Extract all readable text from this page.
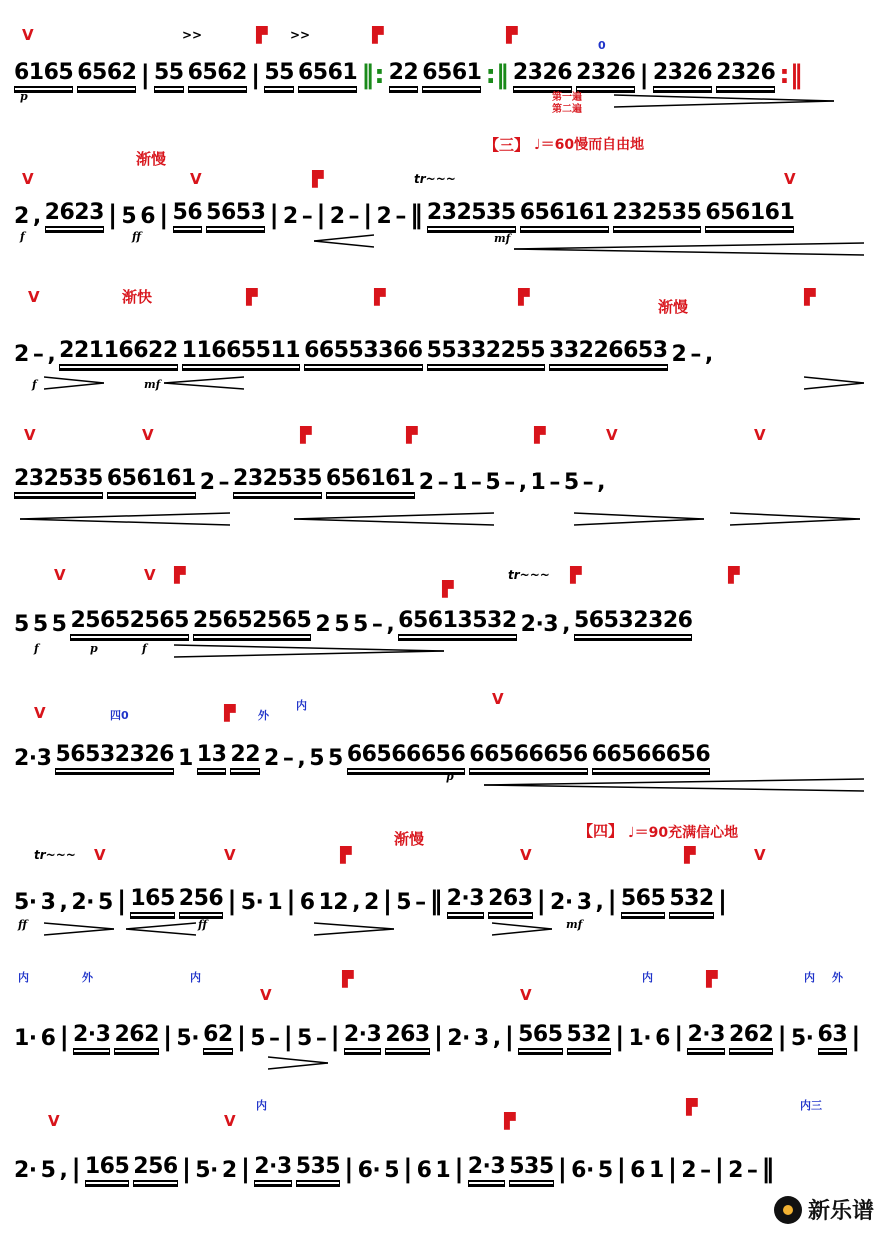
V	>>	▛ >>	▛	▛
0
6165 6562 | 55 6562 | 55 6561 ‖: 22 6561 :‖ 2326 2326 | 2326 2326 :‖
p	第一遍
第二遍
【三】 ♩＝60慢而自由地
渐慢
V	V	▛	V
tr~~~
2 , 2623 | 5 6 | 56 5653 | 2 – | 2 – | 2 – ‖ 232535 656161 232535 656161
f	ff	mf
渐快
渐慢
V	▛	▛	▛	▛
2 – , 22116622 11665511 66553366 55332255 33226653 2 – ,
f	mf
V	V	▛	▛	▛	V	V
232535 656161 2 – 232535 656161 2 – 1 – 5 – , 1 – 5 – ,
V	V ▛
▛
▛	▛
tr~~~
5 5 5 25652565 25652565 2 5 5 – , 65613532 2·3 , 56532326
f	p	f
V	▛
V
四0	外
内
2·3 56532326 1 13 22 2 – , 5 5 66566656 66566656 66566656
p
【四】 ♩＝90充满信心地
渐慢
tr~~~ V	V	▛	V	▛	V
5· 3 , 2· 5 | 165 256 | 5· 1 | 6 12 , 2 | 5 – ‖ 2·3 263 | 2· 3 , | 565 532 |
ff	ff	mf
内	外	内
V
▛
V
内	▛	内 外
1· 6 | 2·3 262 | 5· 62 | 5 – | 5 – | 2·3 263 | 2· 3 , | 565 532 | 1· 6 | 2·3 262 | 5· 63 |
V	V
内
▛
▛	内三
2· 5 , | 165 256 | 5· 2 | 2·3 535 | 6· 5 | 6 1 | 2·3 535 | 6· 5 | 6 1 | 2 – | 2 – ‖
新乐谱
